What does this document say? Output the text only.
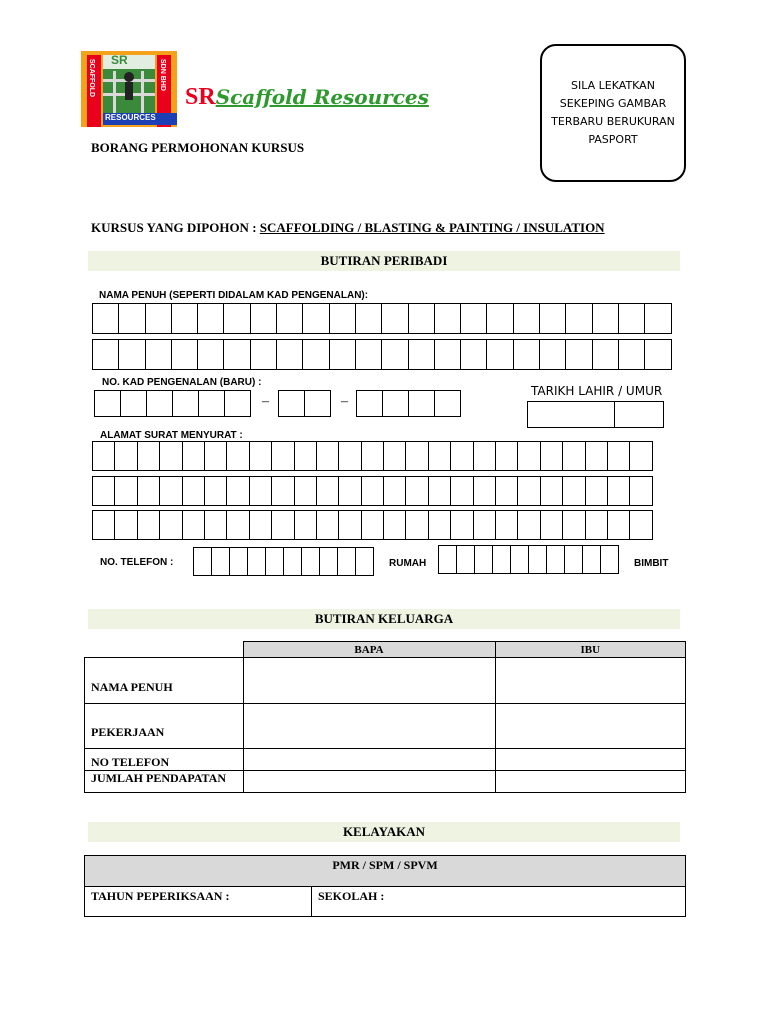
SR
RESOURCES
SCAFFOLD	SDN BHD
SRScaffold Resources	SILA LEKATKAN
SEKEPING GAMBAR
TERBARU BERUKURAN
PASPORT
BORANG PERMOHONAN KURSUS
KURSUS YANG DIPOHON : SCAFFOLDING / BLASTING & PAINTING / INSULATION
BUTIRAN PERIBADI
NAMA PENUH (SEPERTI DIDALAM KAD PENGENALAN):
NO. KAD PENGENALAN (BARU) :
–	–
TARIKH LAHIR / UMUR
ALAMAT SURAT MENYURAT :
NO. TELEFON :	RUMAH	BIMBIT
BUTIRAN KELUARGA
	BAPA	IBU
NAMA PENUH		
PEKERJAAN		
NO TELEFON		
JUMLAH PENDAPATAN		
KELAYAKAN
PMR / SPM / SPVM
TAHUN PEPERIKSAAN :	SEKOLAH :
